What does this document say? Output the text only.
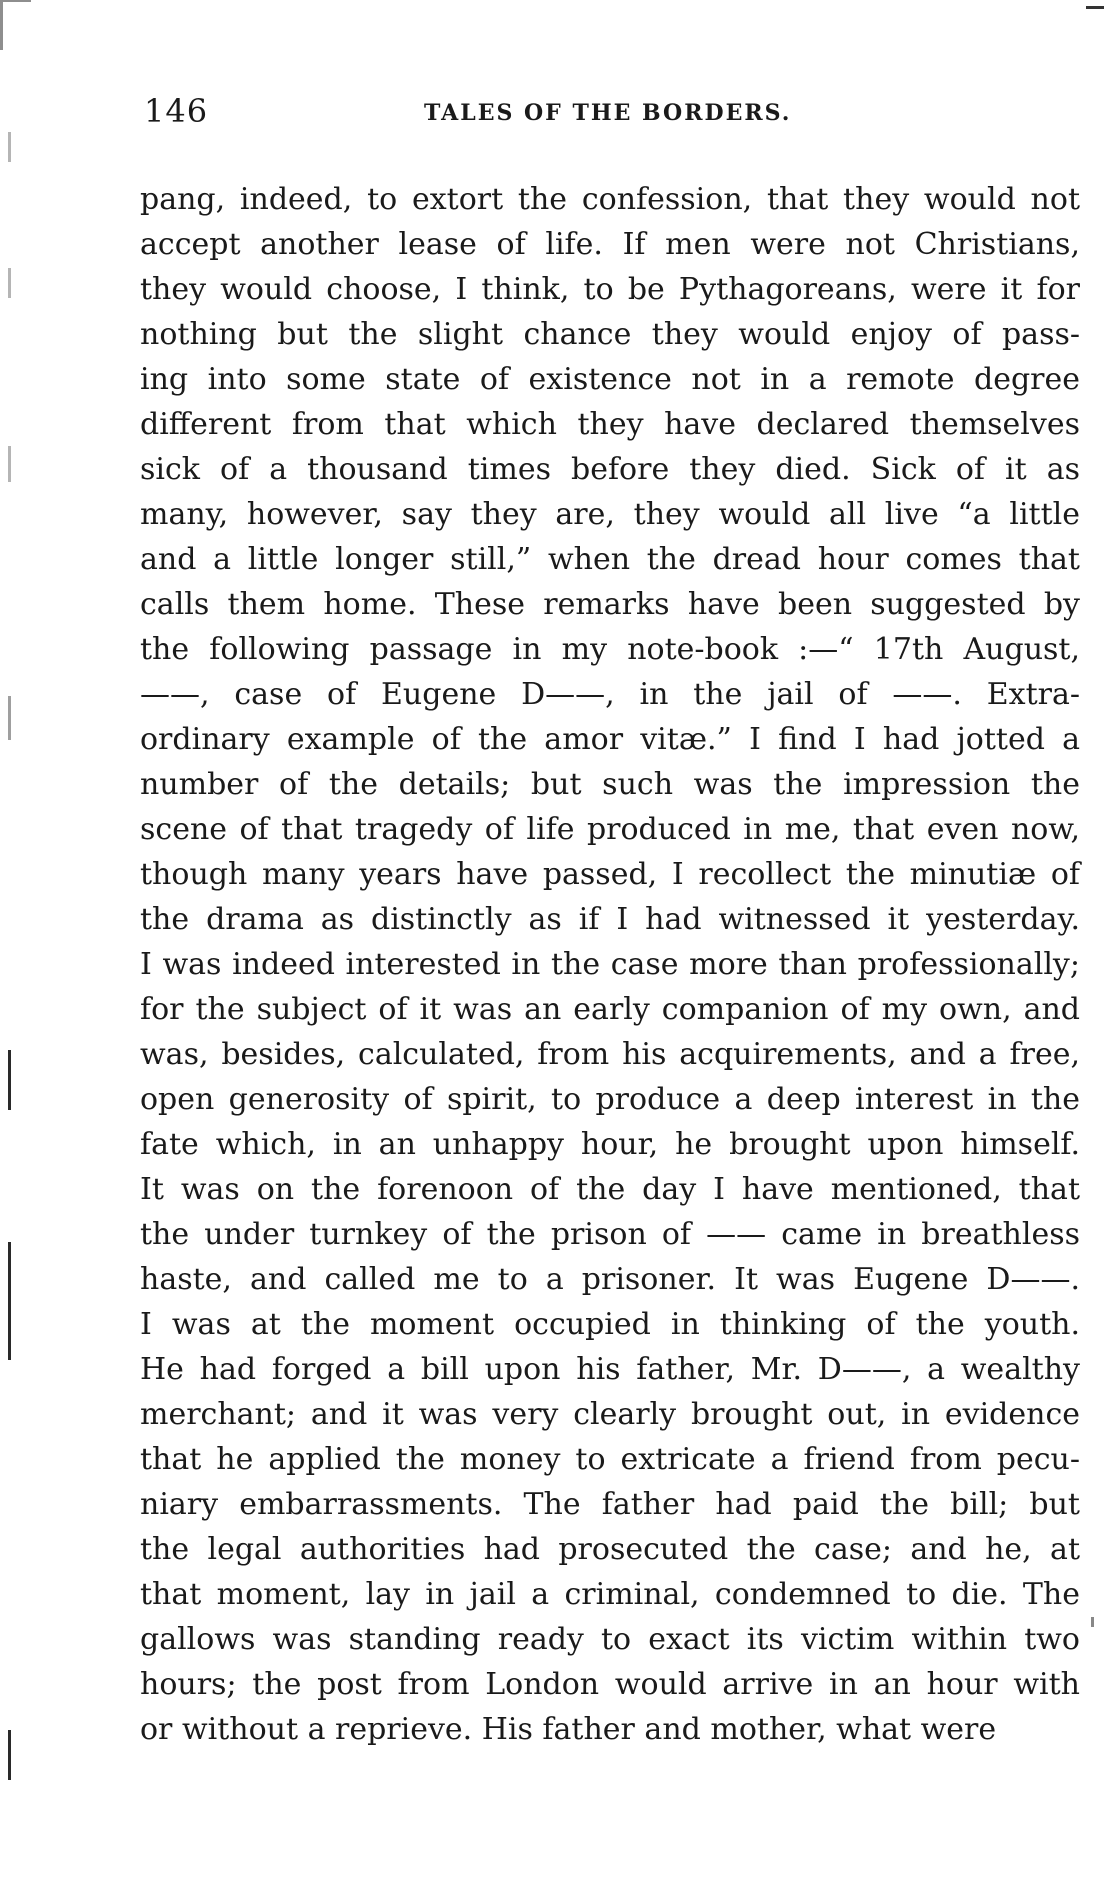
146	TALES OF THE BORDERS.
pang, indeed, to extort the confession, that they would not
accept another lease of life. If men were not Christians,
they would choose, I think, to be Pythagoreans, were it for
nothing but the slight chance they would enjoy of pass-
ing into some state of existence not in a remote degree
different from that which they have declared themselves
sick of a thousand times before they died. Sick of it as
many, however, say they are, they would all live “a little
and a little longer still,” when the dread hour comes that
calls them home. These remarks have been suggested by
the following passage in my note-book :—“ 17th August,
——, case of Eugene D——, in the jail of ——. Extra-
ordinary example of the amor vitæ.” I find I had jotted a
number of the details; but such was the impression the
scene of that tragedy of life produced in me, that even now,
though many years have passed, I recollect the minutiæ of
the drama as distinctly as if I had witnessed it yesterday.
I was indeed interested in the case more than professionally;
for the subject of it was an early companion of my own, and
was, besides, calculated, from his acquirements, and a free,
open generosity of spirit, to produce a deep interest in the
fate which, in an unhappy hour, he brought upon himself.
It was on the forenoon of the day I have mentioned, that
the under turnkey of the prison of —— came in breathless
haste, and called me to a prisoner. It was Eugene D——.
I was at the moment occupied in thinking of the youth.
He had forged a bill upon his father, Mr. D——, a wealthy
merchant; and it was very clearly brought out, in evidence
that he applied the money to extricate a friend from pecu-
niary embarrassments. The father had paid the bill; but
the legal authorities had prosecuted the case; and he, at
that moment, lay in jail a criminal, condemned to die. The
gallows was standing ready to exact its victim within two
hours; the post from London would arrive in an hour with
or without a reprieve. His father and mother, what were
